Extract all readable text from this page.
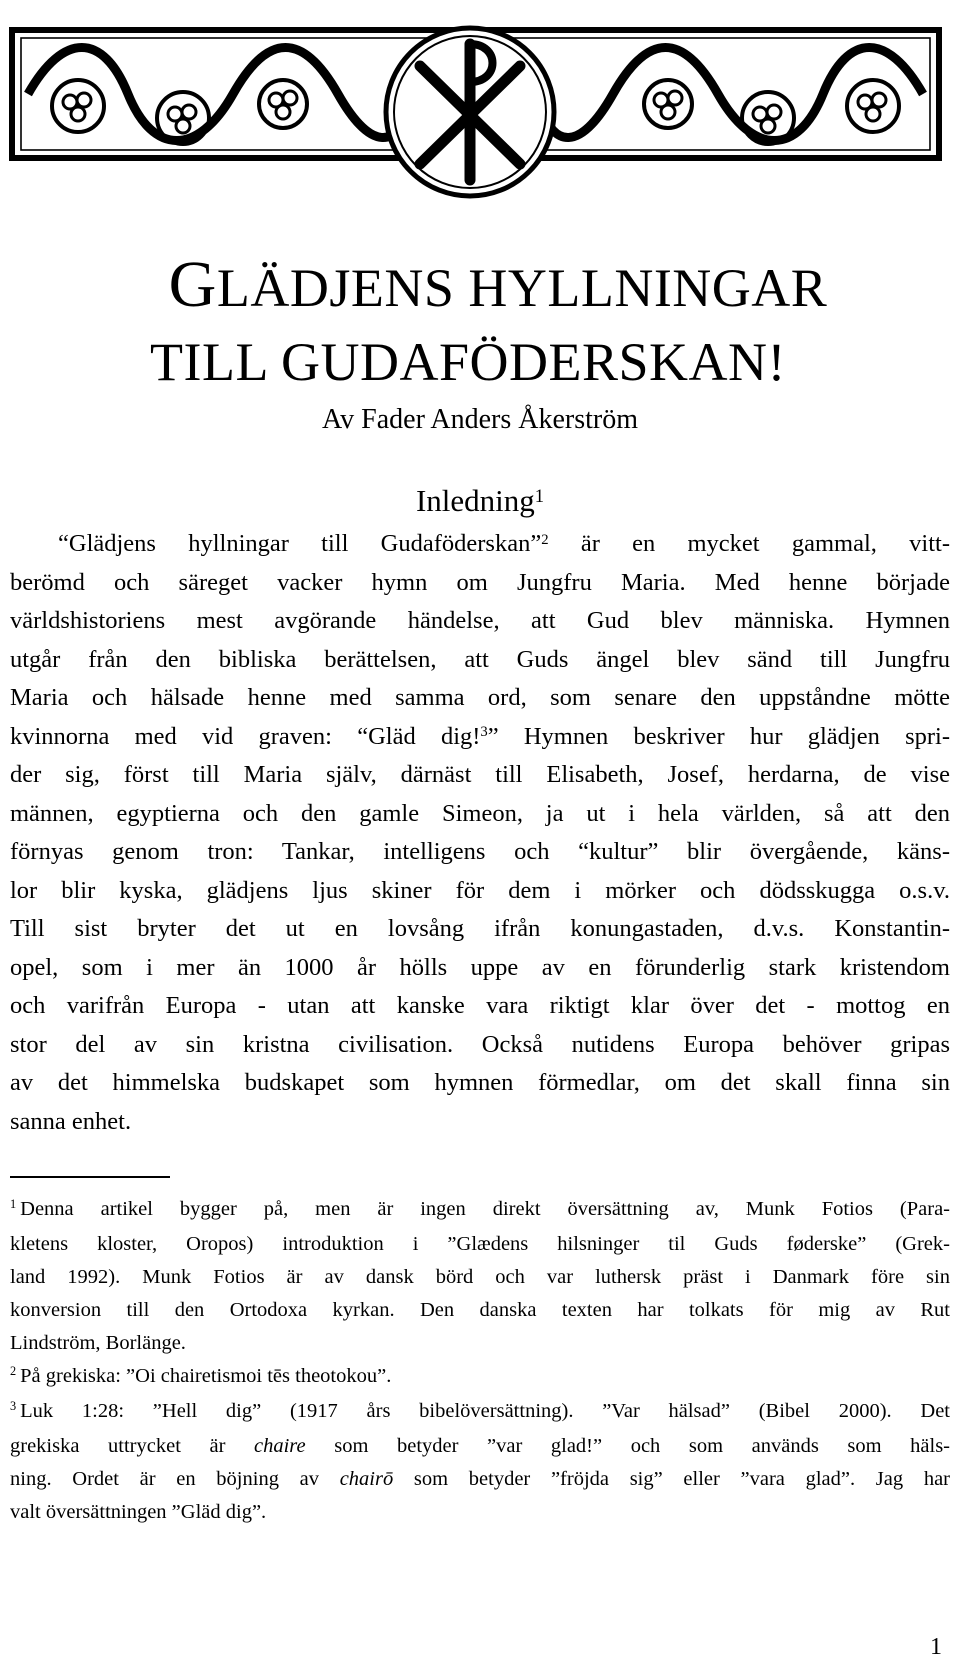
GLÄDJENS HYLLNINGAR
TILL GUDAFÖDERSKAN!
Av Fader Anders Åkerström
Inledning$^1$
“Glädjens hyllningar till Gudaföderskan”$^2$ är en mycket gammal, vitt-
berömd och säreget vacker hymn om Jungfru Maria. Med henne började
världshistoriens mest avgörande händelse, att Gud blev människa. Hymnen
utgår från den bibliska berättelsen, att Guds ängel blev sänd till Jungfru
Maria och hälsade henne med samma ord, som senare den uppståndne mötte
kvinnorna med vid graven: “Gläd dig!$^3$” Hymnen beskriver hur glädjen spri-
der sig, först till Maria själv, därnäst till Elisabeth, Josef, herdarna, de vise
männen, egyptierna och den gamle Simeon, ja ut i hela världen, så att den
förnyas genom tron: Tankar, intelligens och “kultur” blir övergående, käns-
lor blir kyska, glädjens ljus skiner för dem i mörker och dödsskugga o.s.v.
Till sist bryter det ut en lovsång ifrån konungastaden, d.v.s. Konstantin-
opel, som i mer än 1000 år hölls uppe av en förunderlig stark kristendom
och varifrån Europa - utan att kanske vara riktigt klar över det - mottog en
stor del av sin kristna civilisation. Också nutidens Europa behöver gripas
av det himmelska budskapet som hymnen förmedlar, om det skall finna sin
sanna enhet.
$^1$ Denna artikel bygger på, men är ingen direkt översättning av, Munk Fotios (Para-
kletens kloster, Oropos) introduktion i ”Glædens hilsninger til Guds føderske” (Grek-
land 1992). Munk Fotios är av dansk börd och var luthersk präst i Danmark före sin
konversion till den Ortodoxa kyrkan. Den danska texten har tolkats för mig av Rut
Lindström, Borlänge.
$^2$ På grekiska: ”Oi chairetismoi tēs theotokou”.
$^3$ Luk 1:28: ”Hell dig” (1917 års bibelöversättning). ”Var hälsad” (Bibel 2000). Det
grekiska uttrycket är chaire som betyder ”var glad!” och som används som häls-
ning. Ordet är en böjning av chairō som betyder ”fröjda sig” eller ”vara glad”. Jag har
valt översättningen ”Gläd dig”.
1
